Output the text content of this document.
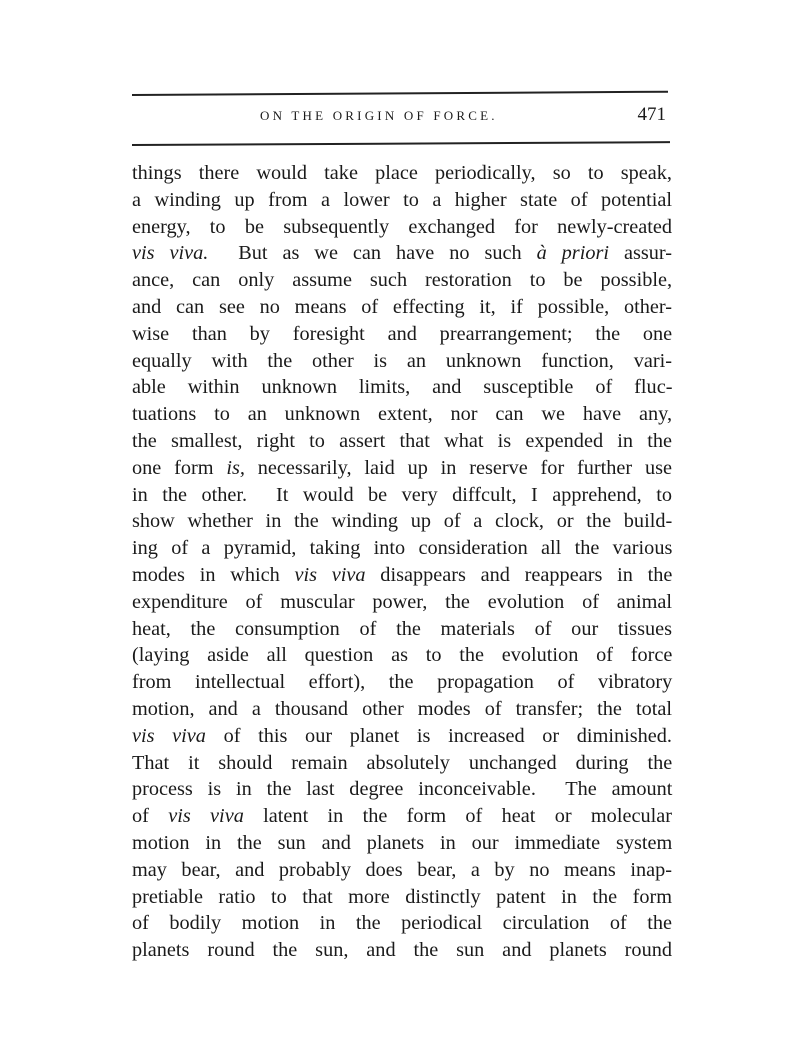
ON THE ORIGIN OF FORCE.	471
things there would take place periodically, so to speak,
a winding up from a lower to a higher state of potential
energy, to be subsequently exchanged for newly-created
vis viva.  But as we can have no such à priori assur-
ance, can only assume such restoration to be possible,
and can see no means of effecting it, if possible, other-
wise than by foresight and prearrangement; the one
equally with the other is an unknown function, vari-
able within unknown limits, and susceptible of fluc-
tuations to an unknown extent, nor can we have any,
the smallest, right to assert that what is expended in the
one form is, necessarily, laid up in reserve for further use
in the other.  It would be very diffcult, I apprehend, to
show whether in the winding up of a clock, or the build-
ing of a pyramid, taking into consideration all the various
modes in which vis viva disappears and reappears in the
expenditure of muscular power, the evolution of animal
heat, the consumption of the materials of our tissues
(laying aside all question as to the evolution of force
from intellectual effort), the propagation of vibratory
motion, and a thousand other modes of transfer; the total
vis viva of this our planet is increased or diminished.
That it should remain absolutely unchanged during the
process is in the last degree inconceivable.  The amount
of vis viva latent in the form of heat or molecular
motion in the sun and planets in our immediate system
may bear, and probably does bear, a by no means inap-
pretiable ratio to that more distinctly patent in the form
of bodily motion in the periodical circulation of the
planets round the sun, and the sun and planets round
